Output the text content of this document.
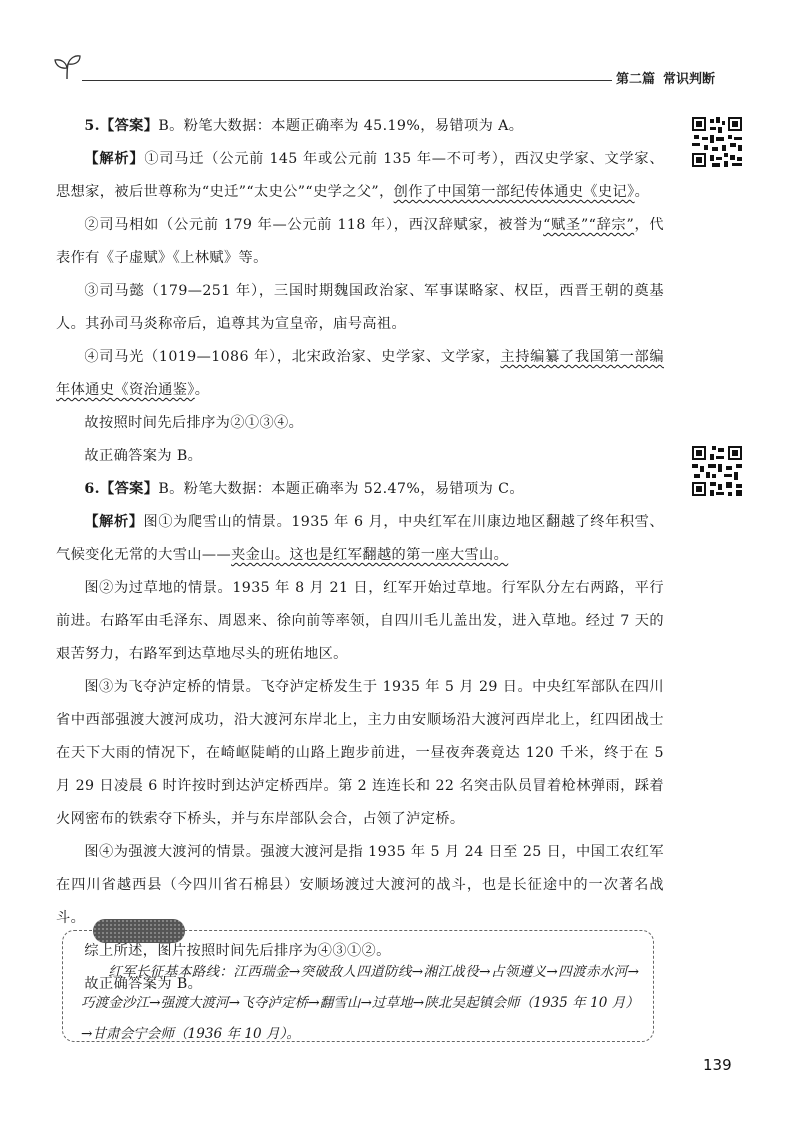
第二篇 常识判断

5.【答案】B。粉笔大数据：本题正确率为 45.19%，易错项为 A。

【解析】①司马迁（公元前 145 年或公元前 135 年—不可考），西汉史学家、文学家、思想家，被后世尊称为“史迁”“太史公”“史学之父”，创作了中国第一部纪传体通史《史记》。

②司马相如（公元前 179 年—公元前 118 年），西汉辞赋家，被誉为“赋圣”“辞宗”，代表作有《子虚赋》《上林赋》等。

③司马懿（179—251 年），三国时期魏国政治家、军事谋略家、权臣，西晋王朝的奠基人。其孙司马炎称帝后，追尊其为宣皇帝，庙号高祖。

④司马光（1019—1086 年），北宋政治家、史学家、文学家，主持编纂了我国第一部编年体通史《资治通鉴》。

故按照时间先后排序为②①③④。

故正确答案为 B。

6.【答案】B。粉笔大数据：本题正确率为 52.47%，易错项为 C。

【解析】图①为爬雪山的情景。1935 年 6 月，中央红军在川康边地区翻越了终年积雪、气候变化无常的大雪山——夹金山。这也是红军翻越的第一座大雪山。

图②为过草地的情景。1935 年 8 月 21 日，红军开始过草地。行军队分左右两路，平行前进。右路军由毛泽东、周恩来、徐向前等率领，自四川毛儿盖出发，进入草地。经过 7 天的艰苦努力，右路军到达草地尽头的班佑地区。

图③为飞夺泸定桥的情景。飞夺泸定桥发生于 1935 年 5 月 29 日。中央红军部队在四川省中西部强渡大渡河成功，沿大渡河东岸北上，主力由安顺场沿大渡河西岸北上，红四团战士在天下大雨的情况下，在崎岖陡峭的山路上跑步前进，一昼夜奔袭竟达 120 千米，终于在 5 月 29 日凌晨 6 时许按时到达泸定桥西岸。第 2 连连长和 22 名突击队员冒着枪林弹雨，踩着火网密布的铁索夺下桥头，并与东岸部队会合，占领了泸定桥。

图④为强渡大渡河的情景。强渡大渡河是指 1935 年 5 月 24 日至 25 日，中国工农红军在四川省越西县（今四川省石棉县）安顺场渡过大渡河的战斗，也是长征途中的一次著名战斗。

综上所述，图片按照时间先后排序为④③①②。

故正确答案为 B。

红军长征基本路线：江西瑞金→突破敌人四道防线→湘江战役→占领遵义→四渡赤水河→巧渡金沙江→强渡大渡河→飞夺泸定桥→翻雪山→过草地→陕北吴起镇会师（1935 年 10 月）→甘肃会宁会师（1936 年 10 月）。

139
